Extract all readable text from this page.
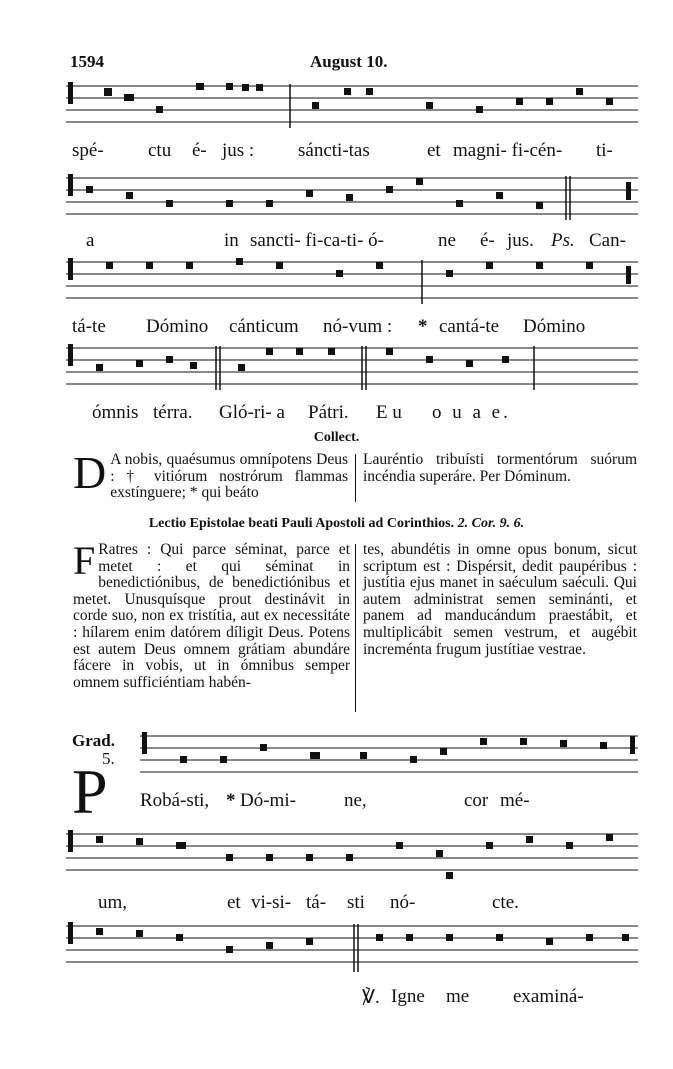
1594	August 10.
spé- ctu é- jus : sáncti-tas	et magni- fi-cén- ti-
a	in sancti- fi-ca-ti- ó-	ne é- jus. Ps. Can-
tá-te Dómino cánticum nó-vum : * cantá-te Dómino
ómnis térra. Gló-ri- a Pátri. E u o u a e.
Collect.

D A nobis, quaésumus omnípotens Deus : † vitiórum nostrórum flammas exstínguere; * qui beáto

Lauréntio tribuísti tormentórum suórum incéndia superáre. Per Dóminum.

Lectio Epistolae beati Pauli Apostoli ad Corinthios. 2. Cor. 9. 6.

F Ratres : Qui parce séminat, parce et metet : et qui séminat in benedictiónibus, de benedictiónibus et metet. Unusquísque prout destinávit in corde suo, non ex tristítia, aut ex necessitáte : hílarem enim datórem díligit Deus. Potens est autem Deus omnem grátiam abundáre fácere in vobis, ut in ómnibus semper omnem sufficiéntiam habén-

tes, abundétis in omne opus bonum, sicut scriptum est : Dispérsit, dedit paupéribus : justítia ejus manet in saéculum saéculi. Qui autem administrat semen seminánti, et panem ad manducándum praestábit, et multiplicábit semen vestrum, et augébit increménta frugum justítiae vestrae.

Grad.
5.
P Robá-sti, * Dó-mi-	ne,	cor mé-
um,	et vi-si- tá- sti nó-	cte.
℣. Igne me examiná-
